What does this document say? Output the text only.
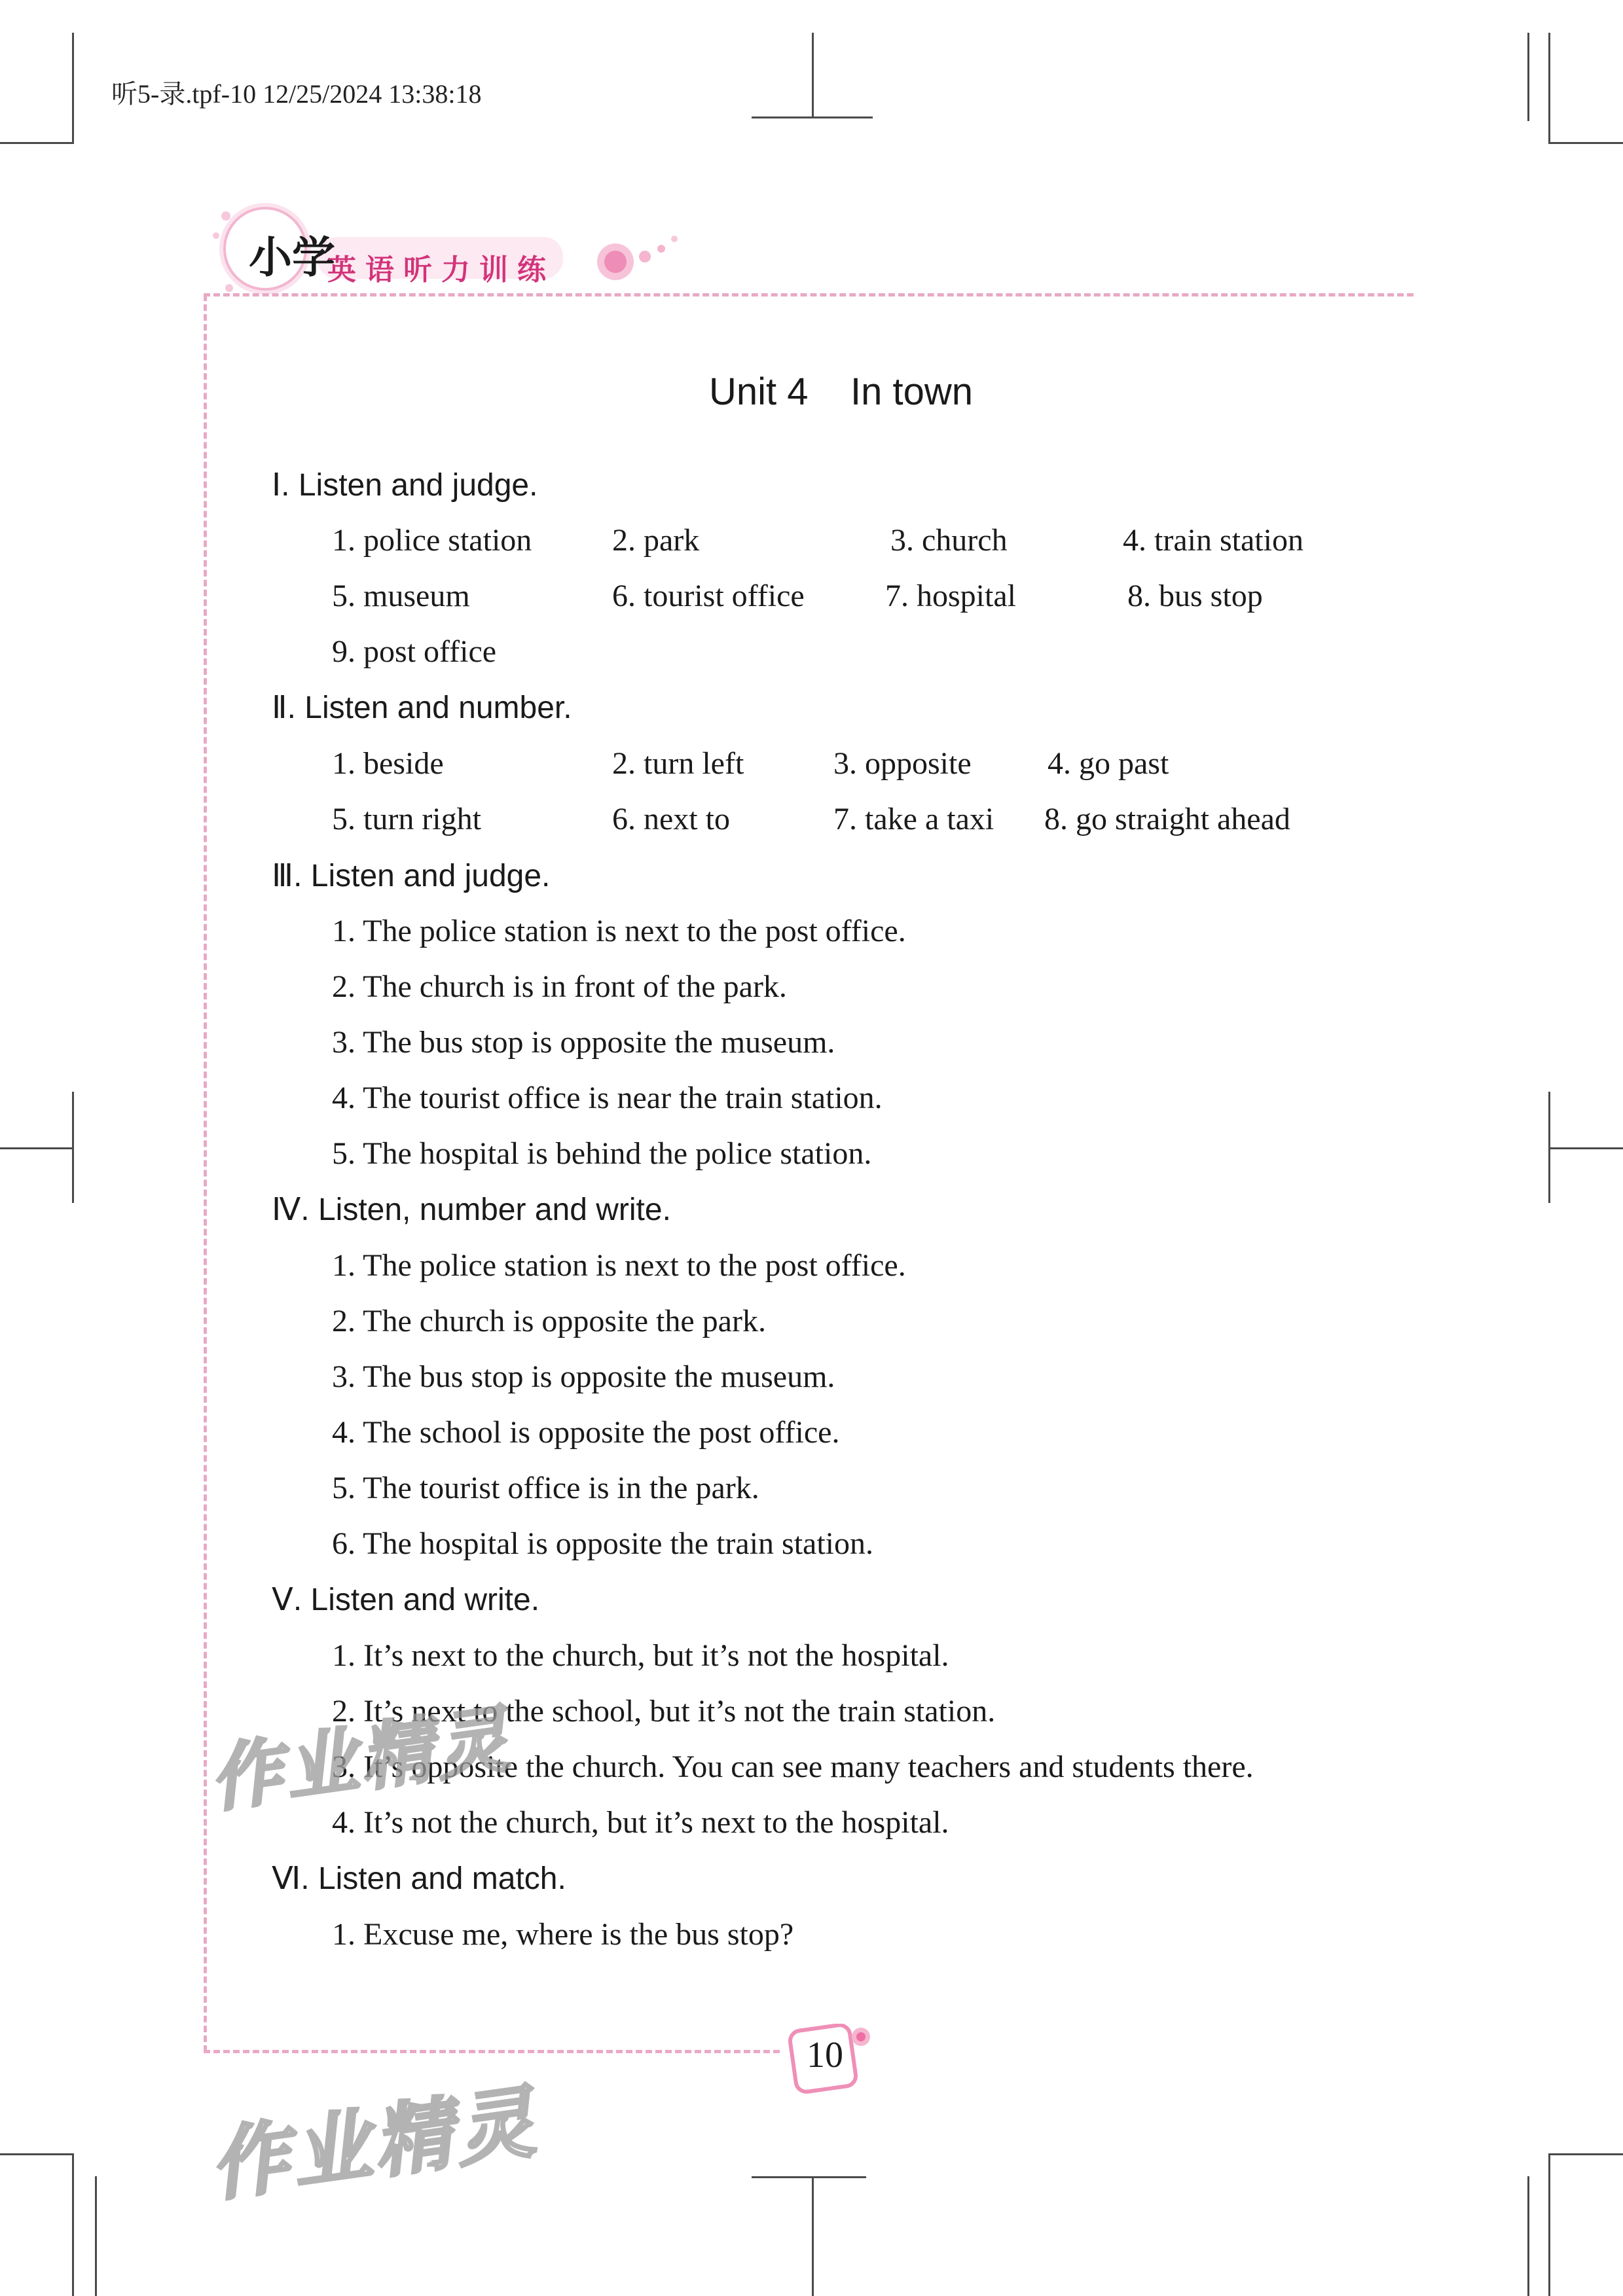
听5-录.tpf-10 12/25/2024 13:38:18
小学
英语听力训练
Unit 4    In town
Ⅰ. Listen and judge.
1. police station	2. park	3. church	4. train station
5. museum	6. tourist office	7. hospital	8. bus stop
9. post office
Ⅱ. Listen and number.
1. beside	2. turn left	3. opposite 4. go past
5. turn right	6. next to	7. take a taxi 8. go straight ahead
Ⅲ. Listen and judge.
1. The police station is next to the post office.
2. The church is in front of the park.
3. The bus stop is opposite the museum.
4. The tourist office is near the train station.
5. The hospital is behind the police station.
Ⅳ. Listen, number and write.
1. The police station is next to the post office.
2. The church is opposite the park.
3. The bus stop is opposite the museum.
4. The school is opposite the post office.
5. The tourist office is in the park.
6. The hospital is opposite the train station.
Ⅴ. Listen and write.
1. It’s next to the church, but it’s not the hospital.
2. It’s next to the school, but it’s not the train station.
3. It’s opposite the church. You can see many teachers and students there.
4. It’s not the church, but it’s next to the hospital.
Ⅵ. Listen and match.
1. Excuse me, where is the bus stop?
10
作业精灵
作业精灵
